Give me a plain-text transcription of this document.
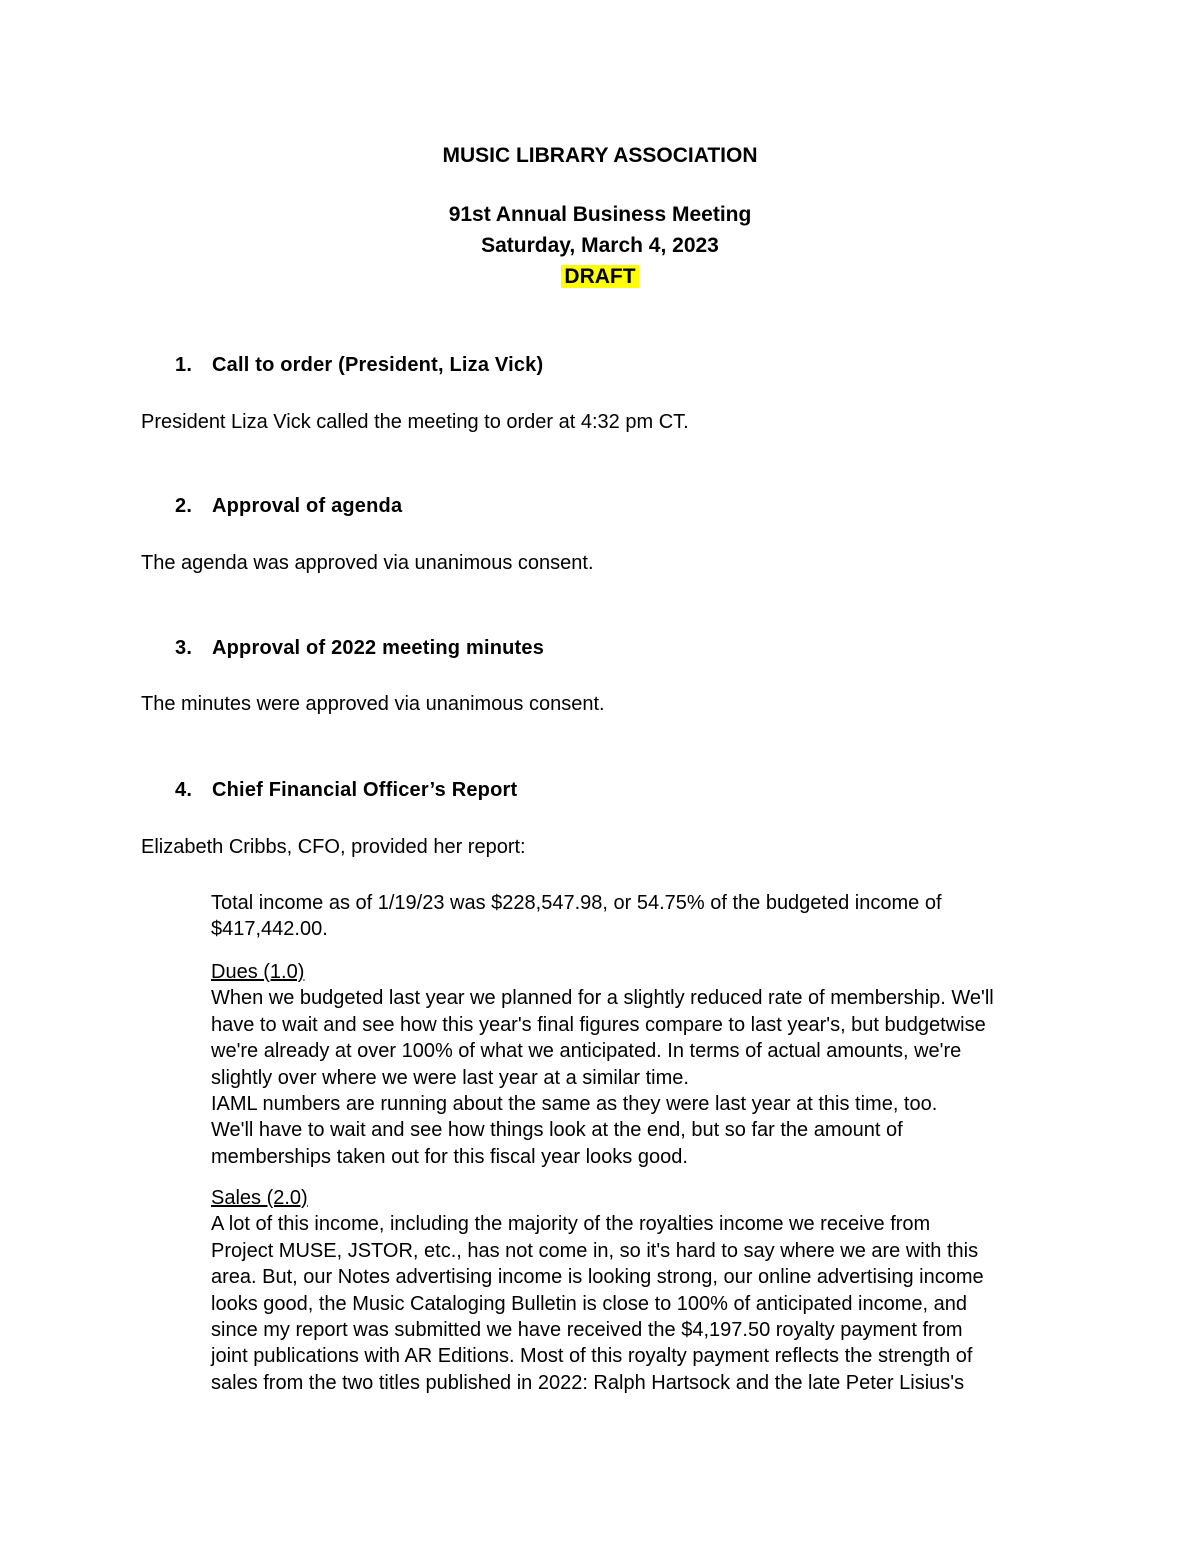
MUSIC LIBRARY ASSOCIATION
91st Annual Business Meeting
Saturday, March 4, 2023
DRAFT
1. Call to order (President, Liza Vick)
President Liza Vick called the meeting to order at 4:32 pm CT.
2. Approval of agenda
The agenda was approved via unanimous consent.
3. Approval of 2022 meeting minutes
The minutes were approved via unanimous consent.
4. Chief Financial Officer’s Report
Elizabeth Cribbs, CFO, provided her report:
Total income as of 1/19/23 was $228,547.98, or 54.75% of the budgeted income of
$417,442.00.
Dues (1.0)
When we budgeted last year we planned for a slightly reduced rate of membership. We'll
have to wait and see how this year's final figures compare to last year's, but budgetwise
we're already at over 100% of what we anticipated. In terms of actual amounts, we're
slightly over where we were last year at a similar time.
IAML numbers are running about the same as they were last year at this time, too.
We'll have to wait and see how things look at the end, but so far the amount of
memberships taken out for this fiscal year looks good.
Sales (2.0)
A lot of this income, including the majority of the royalties income we receive from
Project MUSE, JSTOR, etc., has not come in, so it's hard to say where we are with this
area. But, our Notes advertising income is looking strong, our online advertising income
looks good, the Music Cataloging Bulletin is close to 100% of anticipated income, and
since my report was submitted we have received the $4,197.50 royalty payment from
joint publications with AR Editions. Most of this royalty payment reflects the strength of
sales from the two titles published in 2022: Ralph Hartsock and the late Peter Lisius's
